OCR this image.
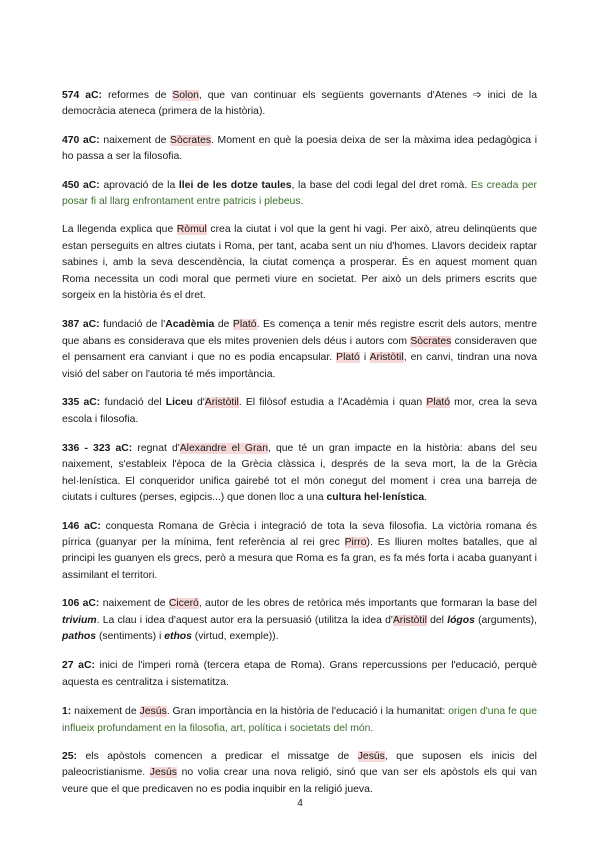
574 aC: reformes de Solon, que van continuar els següents governants d'Atenes ➩ inici de la democràcia ateneca (primera de la història).

470 aC: naixement de Sòcrates. Moment en què la poesia deixa de ser la màxima idea pedagògica i ho passa a ser la filosofia.

450 aC: aprovació de la llei de les dotze taules, la base del codi legal del dret romà. Es creada per posar fi al llarg enfrontament entre patricis i plebeus.

La llegenda explica que Ròmul crea la ciutat i vol que la gent hi vagi. Per això, atreu delinqüents que estan perseguits en altres ciutats i Roma, per tant, acaba sent un niu d'homes. Llavors decideix raptar sabines i, amb la seva descendència, la ciutat comença a prosperar. És en aquest moment quan Roma necessita un codi moral que permeti viure en societat. Per això un dels primers escrits que sorgeix en la història és el dret.

387 aC: fundació de l'Acadèmia de Plató. Es comença a tenir més registre escrit dels autors, mentre que abans es considerava que els mites provenien dels déus i autors com Sòcrates consideraven que el pensament era canviant i que no es podia encapsular. Plató i Aristòtil, en canvi, tindran una nova visió del saber on l'autoria té més importància.

335 aC: fundació del Liceu d'Aristòtil. El filòsof estudia a l'Acadèmia i quan Plató mor, crea la seva escola i filosofia.

336 - 323 aC: regnat d'Alexandre el Gran, que té un gran impacte en la història: abans del seu naixement, s'estableix l'època de la Grècia clàssica i, després de la seva mort, la de la Grècia hel·lenística. El conqueridor unifica gairebé tot el món conegut del moment i crea una barreja de ciutats i cultures (perses, egipcis...) que donen lloc a una cultura hel·lenística.

146 aC: conquesta Romana de Grècia i integració de tota la seva filosofia. La victòria romana és pírrica (guanyar per la mínima, fent referència al rei grec Pirro). Es lliuren moltes batalles, que al principi les guanyen els grecs, però a mesura que Roma es fa gran, es fa més forta i acaba guanyant i assimilant el territori.

106 aC: naixement de Ciceró, autor de les obres de retòrica més importants que formaran la base del trivium. La clau i idea d'aquest autor era la persuasió (utilitza la idea d'Aristòtil del lógos (arguments), pathos (sentiments) i ethos (virtud, exemple)).

27 aC: inici de l'imperi romà (tercera etapa de Roma). Grans repercussions per l'educació, perquè aquesta es centralitza i sistematitza.

1: naixement de Jesús. Gran importància en la història de l'educació i la humanitat: origen d'una fe que influeix profundament en la filosofia, art, política i societats del món.

25: els apòstols comencen a predicar el missatge de Jesús, que suposen els inicis del paleocristianisme. Jesús no volia crear una nova religió, sinó que van ser els apòstols els qui van veure que el que predicaven no es podia inquibir en la religió jueva.

4
